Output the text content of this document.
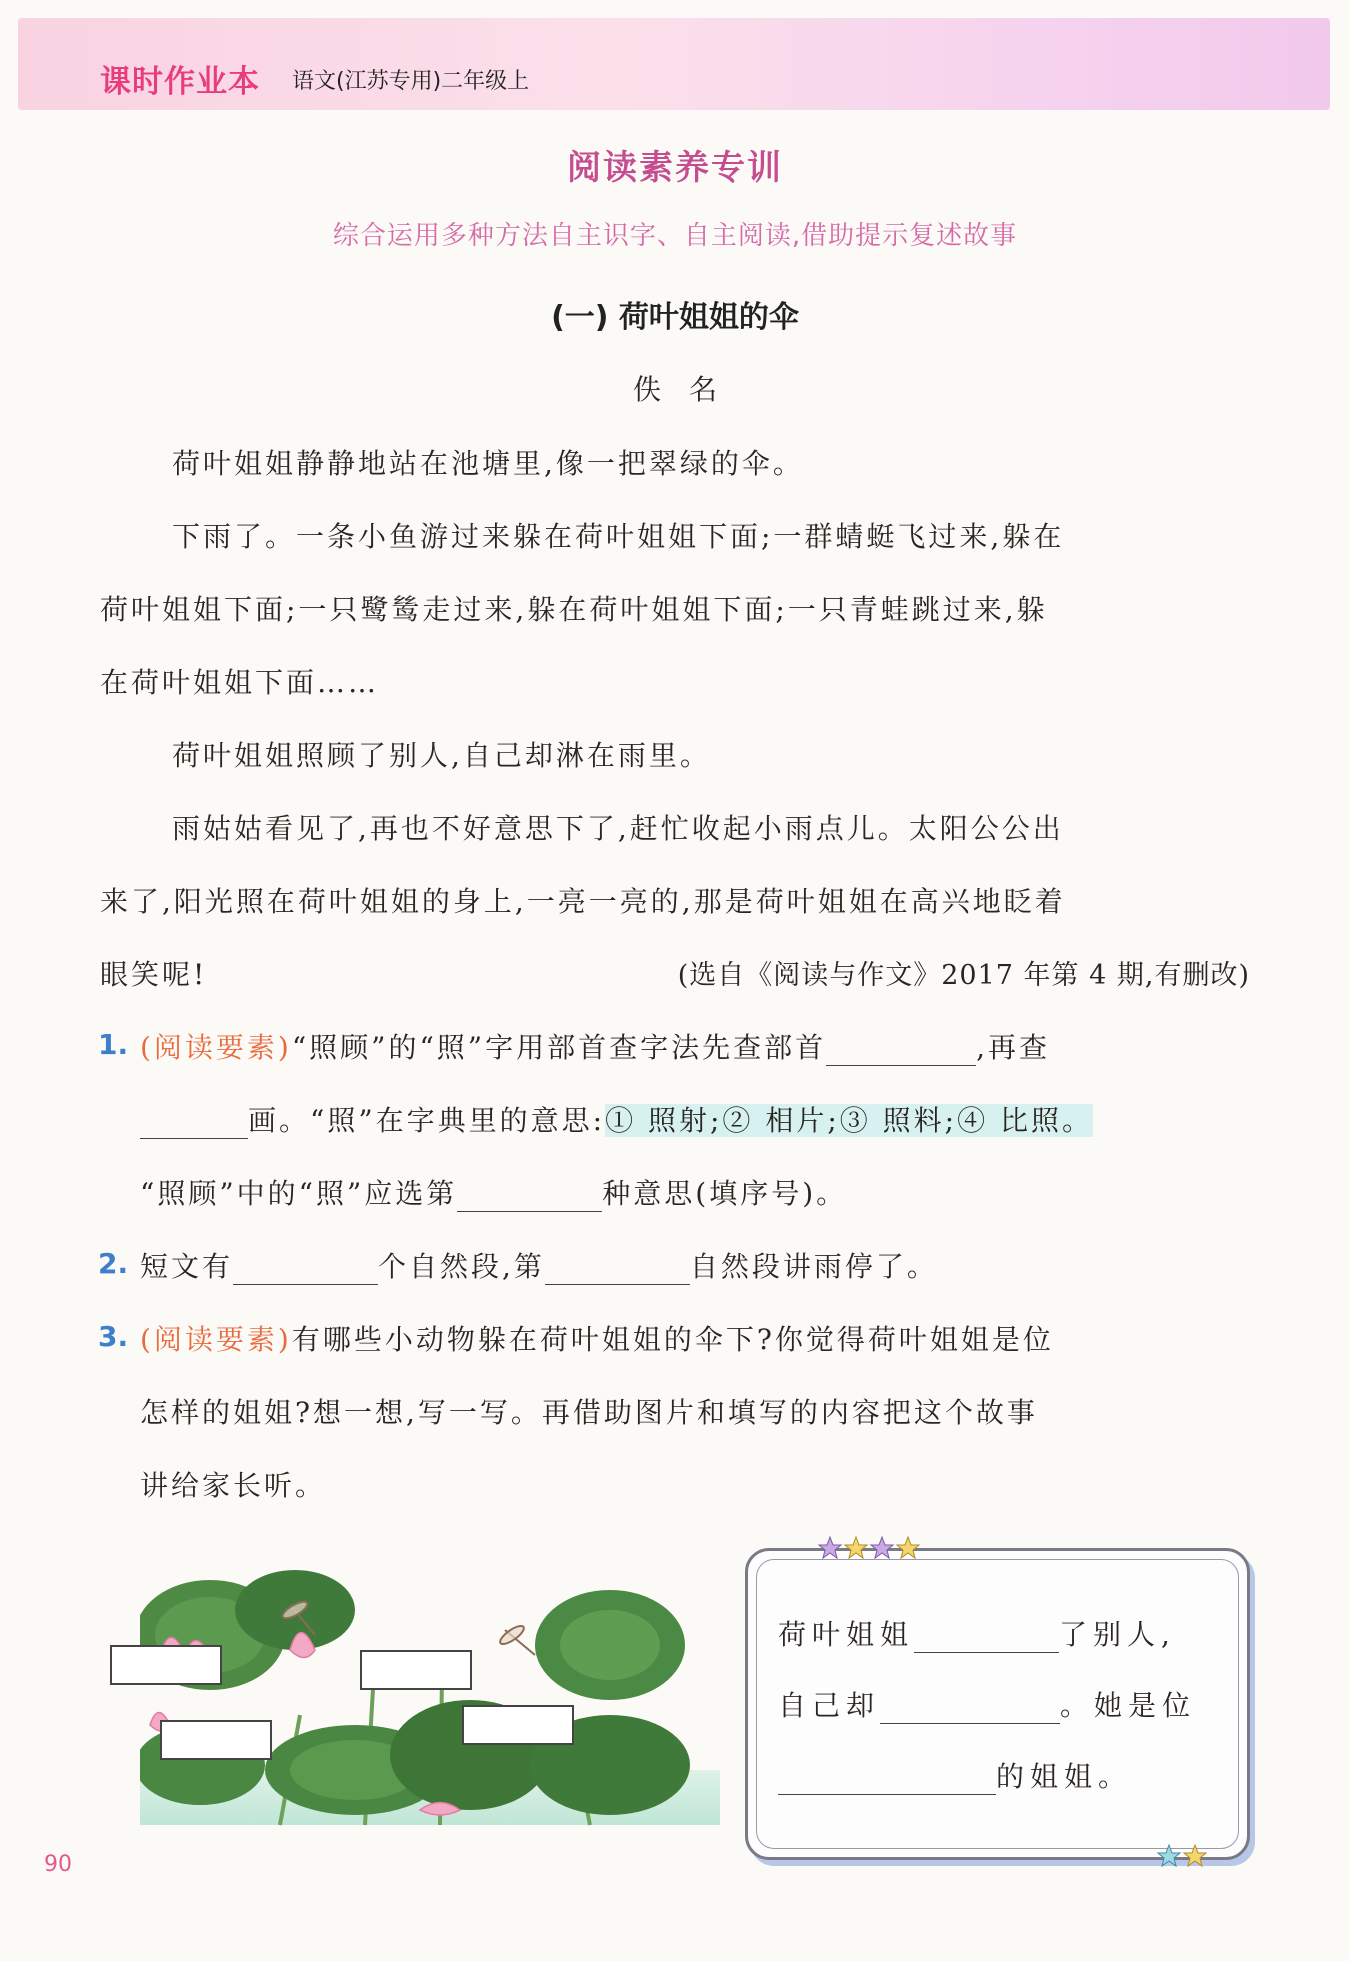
课时作业本 语文(江苏专用)二年级上
阅读素养专训
综合运用多种方法自主识字、自主阅读,借助提示复述故事
(一) 荷叶姐姐的伞
佚名
荷叶姐姐静静地站在池塘里,像一把翠绿的伞。
下雨了。一条小鱼游过来躲在荷叶姐姐下面;一群蜻蜓飞过来,躲在
荷叶姐姐下面;一只鹭鸶走过来,躲在荷叶姐姐下面;一只青蛙跳过来,躲
在荷叶姐姐下面……
荷叶姐姐照顾了别人,自己却淋在雨里。
雨姑姑看见了,再也不好意思下了,赶忙收起小雨点儿。太阳公公出
来了,阳光照在荷叶姐姐的身上,一亮一亮的,那是荷叶姐姐在高兴地眨着
眼笑呢!	(选自《阅读与作文》2017 年第 4 期,有删改)
1. (阅读要素)“照顾”的“照”字用部首查字法先查部首	,再查
画。“照”在字典里的意思:① 照射;② 相片;③ 照料;④ 比照。
“照顾”中的“照”应选第	种意思(填序号)。
2. 短文有	个自然段,第	自然段讲雨停了。
3. (阅读要素)有哪些小动物躲在荷叶姐姐的伞下?你觉得荷叶姐姐是位
怎样的姐姐?想一想,写一写。再借助图片和填写的内容把这个故事
讲给家长听。
荷叶姐姐	了别人,
自己却	。她是位
的姐姐。
90
